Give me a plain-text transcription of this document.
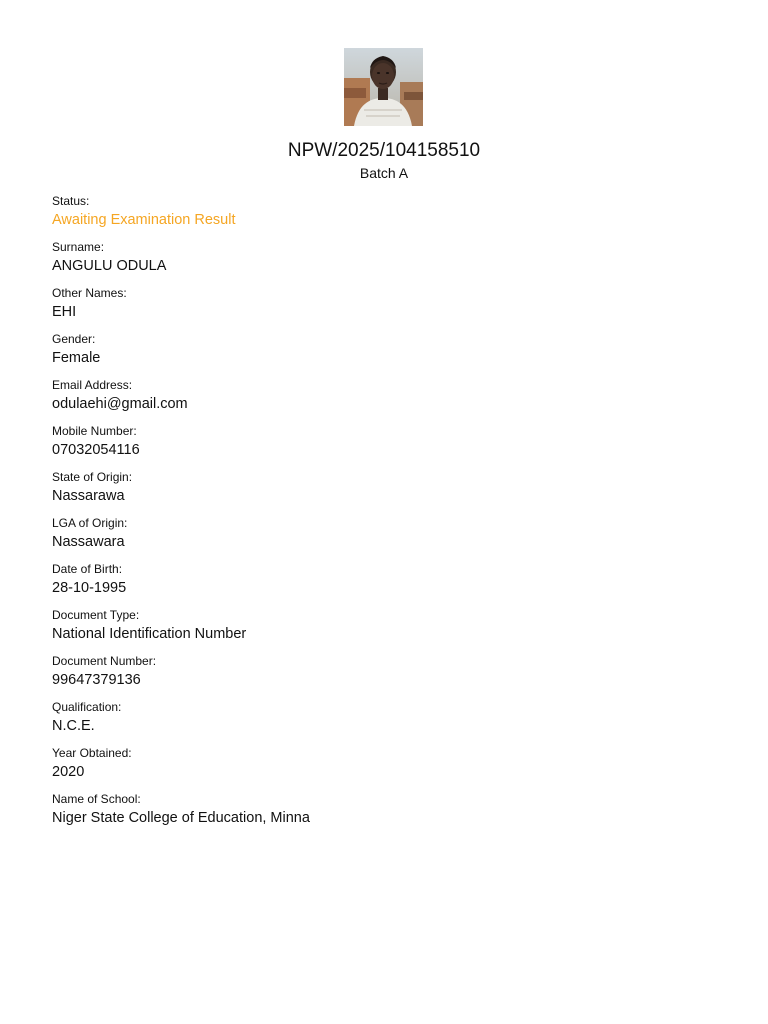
NPW/2025/104158510
Batch A
Status:
Awaiting Examination Result
Surname:
ANGULU ODULA
Other Names:
EHI
Gender:
Female
Email Address:
odulaehi@gmail.com
Mobile Number:
07032054116
State of Origin:
Nassarawa
LGA of Origin:
Nassawara
Date of Birth:
28-10-1995
Document Type:
National Identification Number
Document Number:
99647379136
Qualification:
N.C.E.
Year Obtained:
2020
Name of School:
Niger State College of Education, Minna
